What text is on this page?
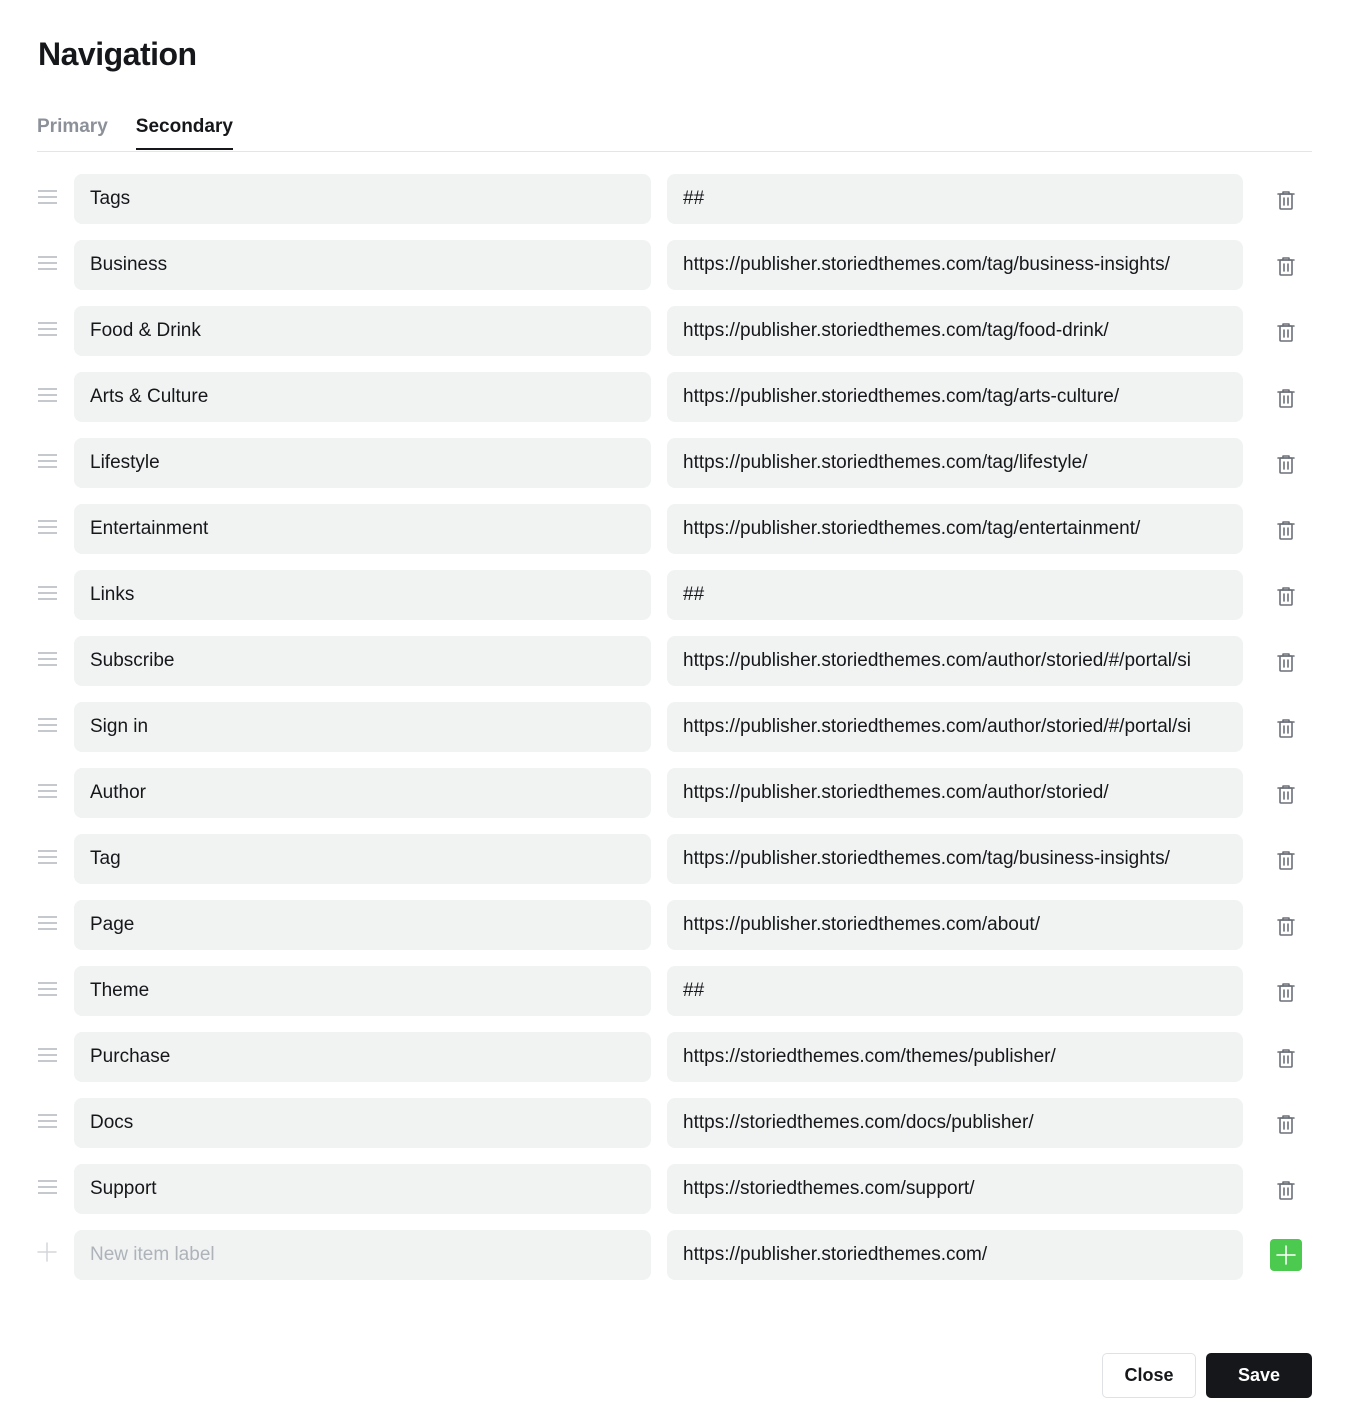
Navigation
Primary Secondary
Tags
##
Business
https://publisher.storiedthemes.com/tag/business-insights/
Food & Drink
https://publisher.storiedthemes.com/tag/food-drink/
Arts & Culture
https://publisher.storiedthemes.com/tag/arts-culture/
Lifestyle
https://publisher.storiedthemes.com/tag/lifestyle/
Entertainment
https://publisher.storiedthemes.com/tag/entertainment/
Links
##
Subscribe
https://publisher.storiedthemes.com/author/storied/#/portal/si
Sign in
https://publisher.storiedthemes.com/author/storied/#/portal/si
Author
https://publisher.storiedthemes.com/author/storied/
Tag
https://publisher.storiedthemes.com/tag/business-insights/
Page
https://publisher.storiedthemes.com/about/
Theme
##
Purchase
https://storiedthemes.com/themes/publisher/
Docs
https://storiedthemes.com/docs/publisher/
Support
https://storiedthemes.com/support/
New item label
https://publisher.storiedthemes.com/
Close	Save
